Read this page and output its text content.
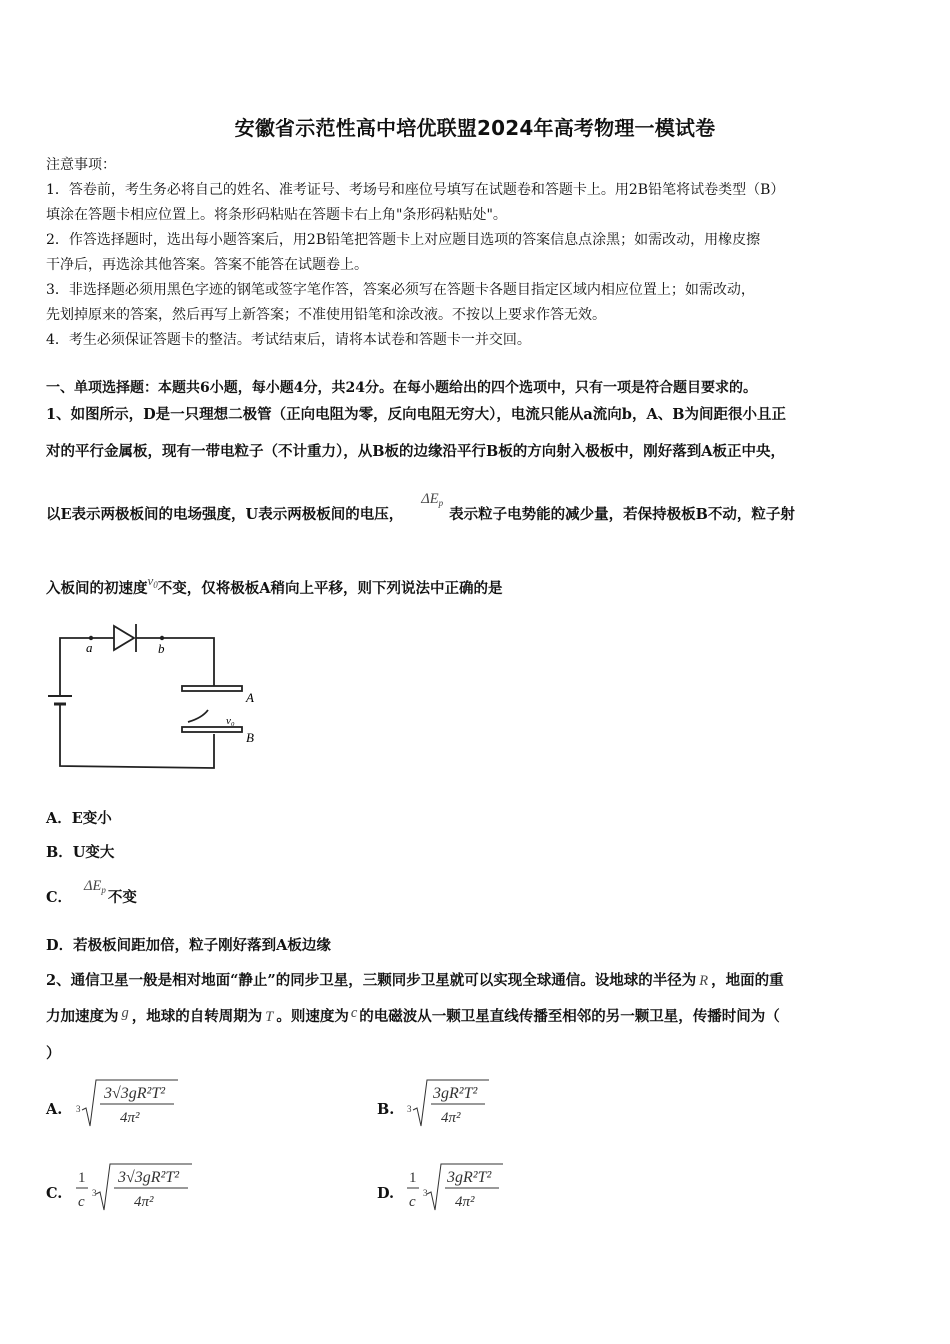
安徽省示范性高中培优联盟2024年高考物理一模试卷
注意事项：
1．答卷前，考生务必将自己的姓名、准考证号、考场号和座位号填写在试题卷和答题卡上。用2B铅笔将试卷类型（B）
填涂在答题卡相应位置上。将条形码粘贴在答题卡右上角"条形码粘贴处"。
2．作答选择题时，选出每小题答案后，用2B铅笔把答题卡上对应题目选项的答案信息点涂黑；如需改动，用橡皮擦
干净后，再选涂其他答案。答案不能答在试题卷上。
3．非选择题必须用黑色字迹的钢笔或签字笔作答，答案必须写在答题卡各题目指定区域内相应位置上；如需改动，
先划掉原来的答案，然后再写上新答案；不准使用铅笔和涂改液。不按以上要求作答无效。
4．考生必须保证答题卡的整洁。考试结束后，请将本试卷和答题卡一并交回。
一、单项选择题：本题共6小题，每小题4分，共24分。在每小题给出的四个选项中，只有一项是符合题目要求的。
1、如图所示，D是一只理想二极管（正向电阻为零，反向电阻无穷大），电流只能从a流向b，A、B为间距很小且正
对的平行金属板，现有一带电粒子（不计重力），从B板的边缘沿平行B板的方向射入极板中，刚好落到A板正中央，
以E表示两极板间的电场强度，U表示两极板间的电压，$\Delta E_p$表示粒子电势能的减少量，若保持极板B不动，粒子射
入板间的初速度$v_0$不变，仅将极板A稍向上平移，则下列说法中正确的是
a	b
A
B
v₀
A．E变小
B．U变大
C．$\Delta E_p$ 不变
D．若极板间距加倍，粒子刚好落到A板边缘
2、通信卫星一般是相对地面“静止”的同步卫星，三颗同步卫星就可以实现全球通信。设地球的半径为 R ，地面的重
力加速度为 g ，地球的自转周期为 T 。则速度为 c 的电磁波从一颗卫星直线传播至相邻的另一颗卫星，传播时间为（
）
A. 3
3√3gR²T²
4π²	B. 3
3gR²T²
4π²
C.
1
c
3
3√3gR²T²
4π²	D.
1
c
3
3gR²T²
4π²
